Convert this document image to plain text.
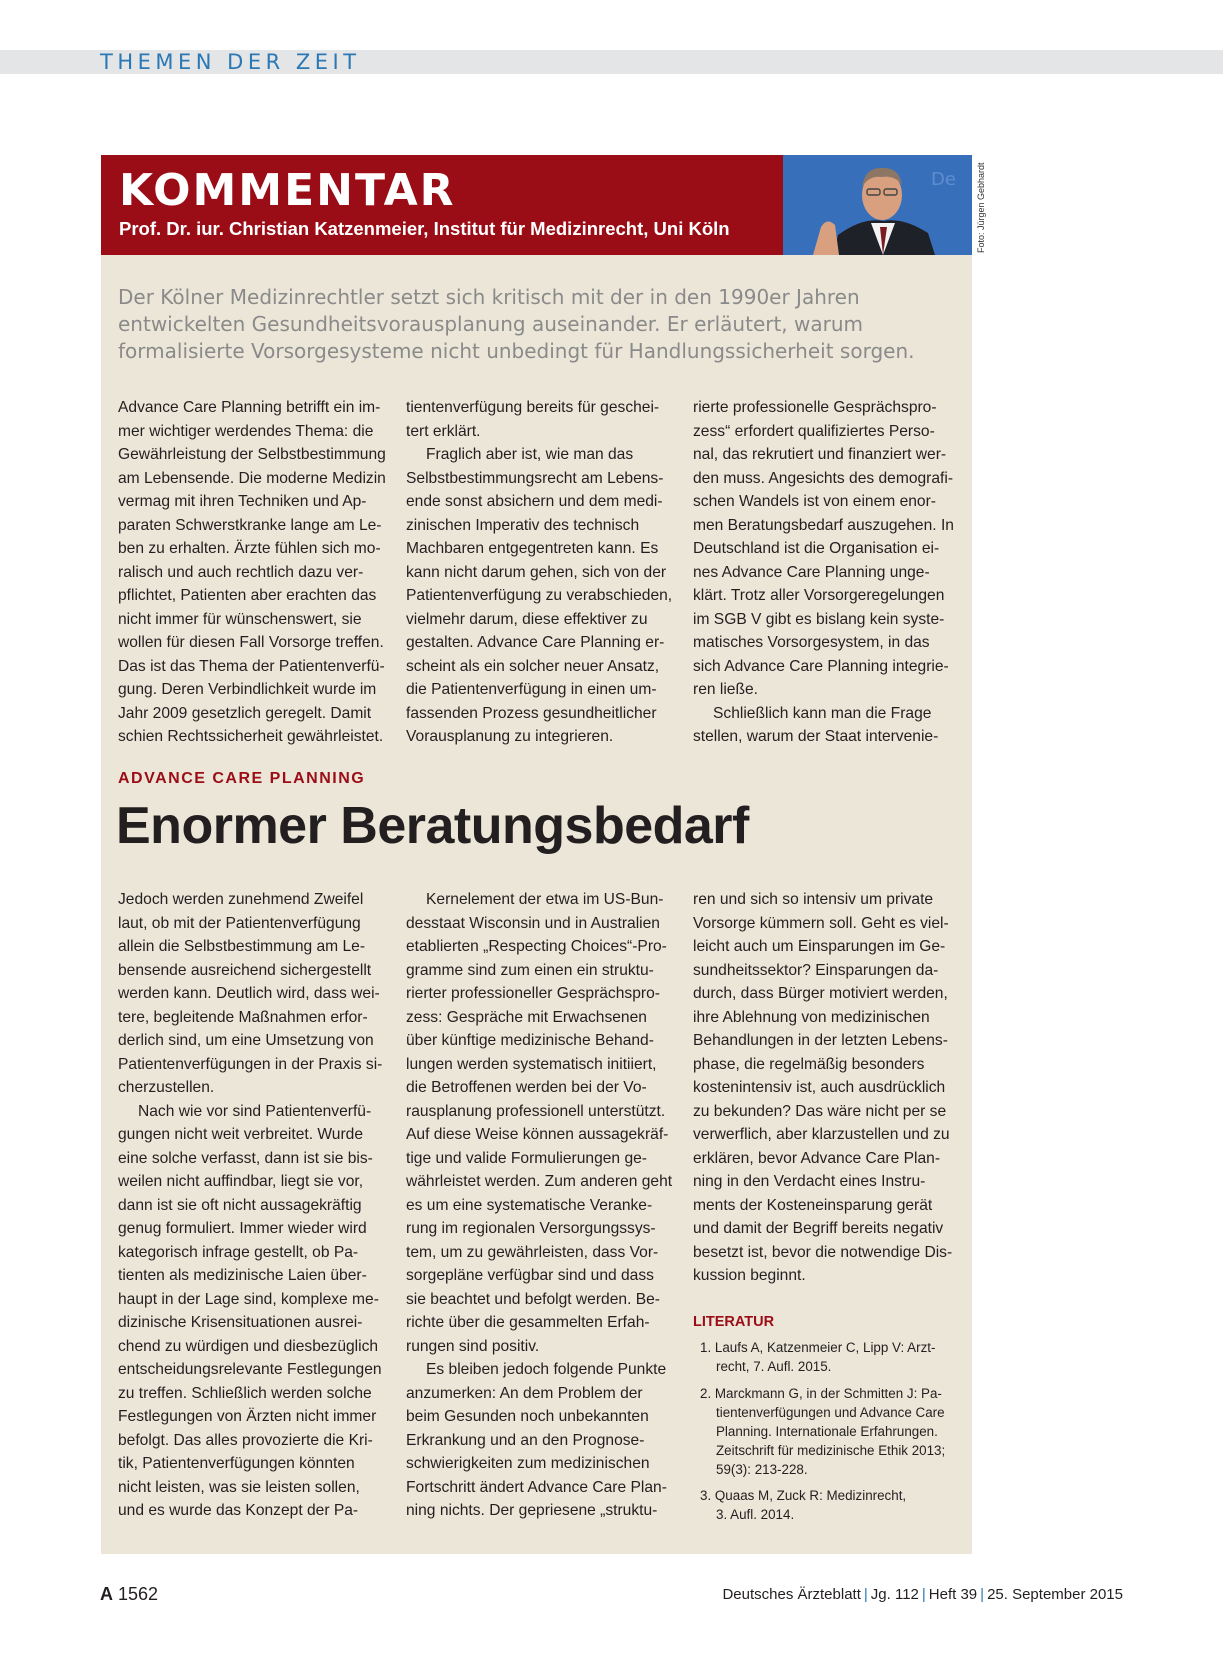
THEMEN DER ZEIT
KOMMENTAR
Prof. Dr. iur. Christian Katzenmeier, Institut für Medizinrecht, Uni Köln
De Foto: Jürgen Gebhardt
Der Kölner Medizinrechtler setzt sich kritisch mit der in den 1990er Jahren
entwickelten Gesundheitsvorausplanung auseinander. Er erläutert, warum
formalisierte Vorsorgesysteme nicht unbedingt für Handlungssicherheit sorgen.
Advance Care Planning betrifft ein im-
mer wichtiger werdendes Thema: die
Gewährleistung der Selbstbestimmung
am Lebensende. Die moderne Medizin
vermag mit ihren Techniken und Ap-
paraten Schwerstkranke lange am Le-
ben zu erhalten. Ärzte fühlen sich mo-
ralisch und auch rechtlich dazu ver-
pflichtet, Patienten aber erachten das
nicht immer für wünschenswert, sie
wollen für diesen Fall Vorsorge treffen.
Das ist das Thema der Patientenverfü-
gung. Deren Verbindlichkeit wurde im
Jahr 2009 gesetzlich geregelt. Damit
schien Rechtssicherheit gewährleistet.
tientenverfügung bereits für geschei-
tert erklärt.
Fraglich aber ist, wie man das
Selbstbestimmungsrecht am Lebens-
ende sonst absichern und dem medi-
zinischen Imperativ des technisch
Machbaren entgegentreten kann. Es
kann nicht darum gehen, sich von der
Patientenverfügung zu verabschieden,
vielmehr darum, diese effektiver zu
gestalten. Advance Care Planning er-
scheint als ein solcher neuer Ansatz,
die Patientenverfügung in einen um-
fassenden Prozess gesundheitlicher
Vorausplanung zu integrieren.
rierte professionelle Gesprächspro-
zess“ erfordert qualifiziertes Perso-
nal, das rekrutiert und finanziert wer-
den muss. Angesichts des demografi-
schen Wandels ist von einem enor-
men Beratungsbedarf auszugehen. In
Deutschland ist die Organisation ei-
nes Advance Care Planning unge-
klärt. Trotz aller Vorsorgeregelungen
im SGB V gibt es bislang kein syste-
matisches Vorsorgesystem, in das
sich Advance Care Planning integrie-
ren ließe.
Schließlich kann man die Frage
stellen, warum der Staat intervenie-
ADVANCE CARE PLANNING
Enormer Beratungsbedarf
Jedoch werden zunehmend Zweifel
laut, ob mit der Patientenverfügung
allein die Selbstbestimmung am Le-
bensende ausreichend sichergestellt
werden kann. Deutlich wird, dass wei-
tere, begleitende Maßnahmen erfor-
derlich sind, um eine Umsetzung von
Patientenverfügungen in der Praxis si-
cherzustellen.
Nach wie vor sind Patientenverfü-
gungen nicht weit verbreitet. Wurde
eine solche verfasst, dann ist sie bis-
weilen nicht auffindbar, liegt sie vor,
dann ist sie oft nicht aussagekräftig
genug formuliert. Immer wieder wird
kategorisch infrage gestellt, ob Pa-
tienten als medizinische Laien über-
haupt in der Lage sind, komplexe me-
dizinische Krisensituationen ausrei-
chend zu würdigen und diesbezüglich
entscheidungsrelevante Festlegungen
zu treffen. Schließlich werden solche
Festlegungen von Ärzten nicht immer
befolgt. Das alles provozierte die Kri-
tik, Patientenverfügungen könnten
nicht leisten, was sie leisten sollen,
und es wurde das Konzept der Pa-
Kernelement der etwa im US-Bun-
desstaat Wisconsin und in Australien
etablierten „Respecting Choices“-Pro-
gramme sind zum einen ein struktu-
rierter professioneller Gesprächspro-
zess: Gespräche mit Erwachsenen
über künftige medizinische Behand-
lungen werden systematisch initiiert,
die Betroffenen werden bei der Vo-
rausplanung professionell unterstützt.
Auf diese Weise können aussagekräf-
tige und valide Formulierungen ge-
währleistet werden. Zum anderen geht
es um eine systematische Veranke-
rung im regionalen Versorgungssys-
tem, um zu gewährleisten, dass Vor-
sorgepläne verfügbar sind und dass
sie beachtet und befolgt werden. Be-
richte über die gesammelten Erfah-
rungen sind positiv.
Es bleiben jedoch folgende Punkte
anzumerken: An dem Problem der
beim Gesunden noch unbekannten
Erkrankung und an den Prognose-
schwierigkeiten zum medizinischen
Fortschritt ändert Advance Care Plan-
ning nichts. Der gepriesene „struktu-
ren und sich so intensiv um private
Vorsorge kümmern soll. Geht es viel-
leicht auch um Einsparungen im Ge-
sundheitssektor? Einsparungen da-
durch, dass Bürger motiviert werden,
ihre Ablehnung von medizinischen
Behandlungen in der letzten Lebens-
phase, die regelmäßig besonders
kostenintensiv ist, auch ausdrücklich
zu bekunden? Das wäre nicht per se
verwerflich, aber klarzustellen und zu
erklären, bevor Advance Care Plan-
ning in den Verdacht eines Instru-
ments der Kosteneinsparung gerät
und damit der Begriff bereits negativ
besetzt ist, bevor die notwendige Dis-
kussion beginnt.
LITERATUR
1. Laufs A, Katzenmeier C, Lipp V: Arzt-
recht, 7. Aufl. 2015.
2. Marckmann G, in der Schmitten J: Pa-
tientenverfügungen und Advance Care
Planning. Internationale Erfahrungen.
Zeitschrift für medizinische Ethik 2013;
59(3): 213-228.
3. Quaas M, Zuck R: Medizinrecht,
3. Aufl. 2014.
A 1562	Deutsches Ärzteblatt | Jg. 112 | Heft 39 | 25. September 2015
